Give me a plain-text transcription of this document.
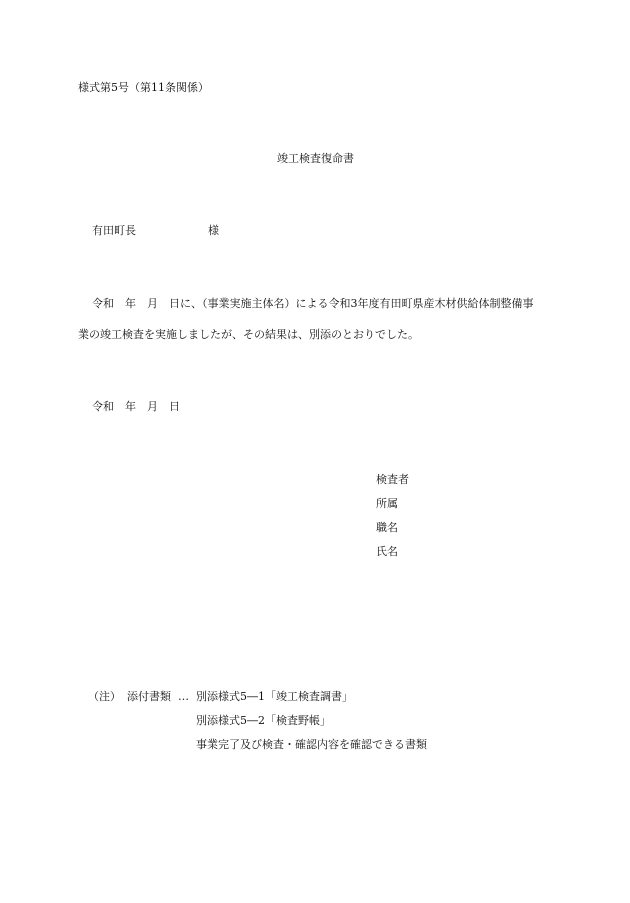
様式第5号（第11条関係）
竣工検査復命書
有田町長	様
令和　年　月　日に、（事業実施主体名）による令和3年度有田町県産木材供給体制整備事
業の竣工検査を実施しましたが、その結果は、別添のとおりでした。
令和　年　月　日
検査者
所属
職名
氏名
（注） 添付書類 … 別添様式5―1「竣工検査調書」
別添様式5―2「検査野帳」
事業完了及び検査・確認内容を確認できる書類
